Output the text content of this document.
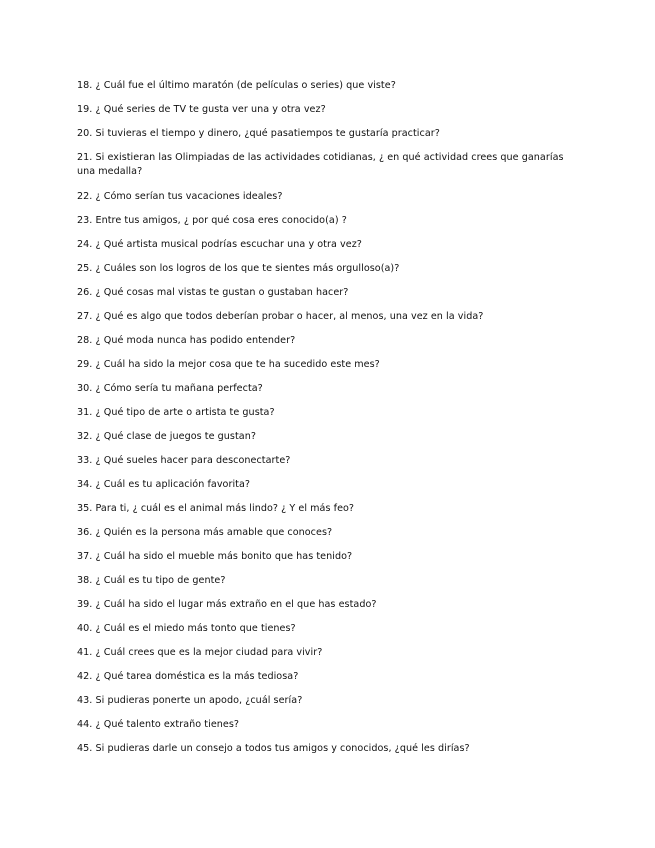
18. ¿ Cuál fue el último maratón (de películas o series) que viste?
19. ¿ Qué series de TV te gusta ver una y otra vez?
20. Si tuvieras el tiempo y dinero, ¿qué pasatiempos te gustaría practicar?
21. Si existieran las Olimpiadas de las actividades cotidianas, ¿ en qué actividad crees que ganarías una medalla?
22. ¿ Cómo serían tus vacaciones ideales?
23. Entre tus amigos, ¿ por qué cosa eres conocido(a) ?
24. ¿ Qué artista musical podrías escuchar una y otra vez?
25. ¿ Cuáles son los logros de los que te sientes más orgulloso(a)?
26. ¿ Qué cosas mal vistas te gustan o gustaban hacer?
27. ¿ Qué es algo que todos deberían probar o hacer, al menos, una vez en la vida?
28. ¿ Qué moda nunca has podido entender?
29. ¿ Cuál ha sido la mejor cosa que te ha sucedido este mes?
30. ¿ Cómo sería tu mañana perfecta?
31. ¿ Qué tipo de arte o artista te gusta?
32. ¿ Qué clase de juegos te gustan?
33. ¿ Qué sueles hacer para desconectarte?
34. ¿ Cuál es tu aplicación favorita?
35. Para ti, ¿ cuál es el animal más lindo? ¿ Y el más feo?
36. ¿ Quién es la persona más amable que conoces?
37. ¿ Cuál ha sido el mueble más bonito que has tenido?
38. ¿ Cuál es tu tipo de gente?
39. ¿ Cuál ha sido el lugar más extraño en el que has estado?
40. ¿ Cuál es el miedo más tonto que tienes?
41. ¿ Cuál crees que es la mejor ciudad para vivir?
42. ¿ Qué tarea doméstica es la más tediosa?
43. Si pudieras ponerte un apodo, ¿cuál sería?
44. ¿ Qué talento extraño tienes?
45. Si pudieras darle un consejo a todos tus amigos y conocidos, ¿qué les dirías?
